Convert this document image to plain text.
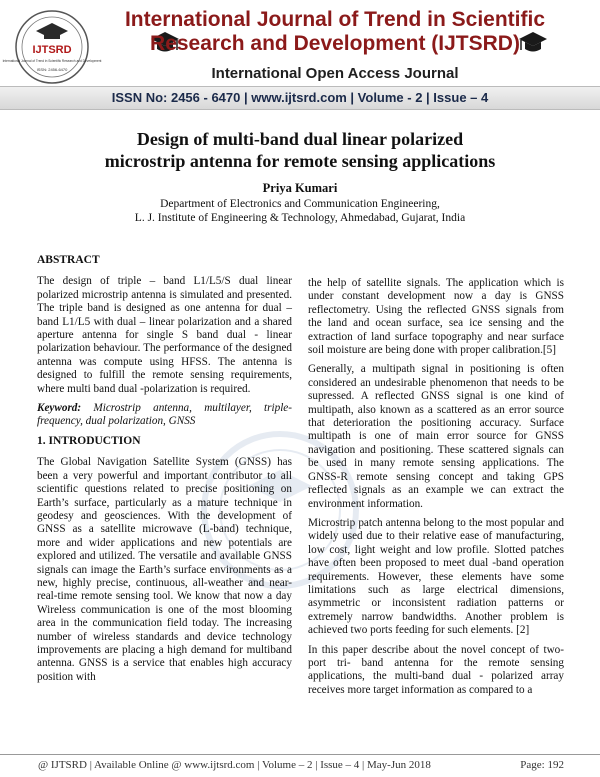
IJTSRD
International Journal of Trend in Scientific Research and Development
ISSN: 2456-6470
International Journal of Trend in Scientific
Research and Development (IJTSRD)
International Open Access Journal
ISSN No: 2456 - 6470 | www.ijtsrd.com | Volume - 2 | Issue – 4
Design of multi-band dual linear polarized
microstrip antenna for remote sensing applications
Priya Kumari
Department of Electronics and Communication Engineering,
L. J. Institute of Engineering & Technology, Ahmedabad, Gujarat, India
ABSTRACT

The design of triple – band L1/L5/S dual linear polarized microstrip antenna is simulated and presented. The triple band is designed as one antenna for dual – band L1/L5 with dual – linear polarization and a shared aperture antenna for single S band dual - linear polarization behaviour. The performance of the designed antenna was compute using HFSS. The antenna is designed to fulfill the remote sensing requirements, where multi band dual -polarization is required.

Keyword: Microstrip antenna, multilayer, triple-frequency, dual polarization, GNSS

1. INTRODUCTION

The Global Navigation Satellite System (GNSS) has been a very powerful and important contributor to all scientific questions related to precise positioning on Earth’s surface, particularly as a mature technique in geodesy and geosciences. With the development of GNSS as a satellite microwave (L-band) technique, more and wider applications and new potentials are explored and utilized. The versatile and available GNSS signals can image the Earth’s surface environments as a new, highly precise, continuous, all-weather and near-real-time remote sensing tool. We know that now a day Wireless communication is one of the most blooming area in the communication field today. The increasing number of wireless standards and device technology improvements are placing a high demand for multiband antenna. GNSS is a service that enables high accuracy position with

the help of satellite signals. The application which is under constant development now a day is GNSS reflectometry. Using the reflected GNSS signals from the land and ocean surface, sea ice sensing and the extraction of land surface topography and near surface soil moisture are being done with proper calibration.[5]

Generally, a multipath signal in positioning is often considered an undesirable phenomenon that needs to be supressed. A reflected GNSS signal is one kind of multipath, also known as a scattered as an error source that deterioration the positioning accuracy. Surface multipath is one of main error source for GNSS navigation and positioning. These scattered signals can be used in many remote sensing applications. The GNSS-R remote sensing concept and taking GPS reflected signals as an example we can extract the environment information.

Microstrip patch antenna belong to the most popular and widely used due to their relative ease of manufacturing, low cost, light weight and low profile. Slotted patches have often been proposed to meet dual -band operation requirements. However, these elements have some limitations such as large electrical dimensions, asymmetric or inconsistent radiation patterns or extremely narrow bandwidths. Another problem is achieved two ports feeding for such elements. [2]

In this paper describe about the novel concept of two-port tri- band antenna for the remote sensing applications, the multi-band dual - polarized array receives more target information as compared to a

@ IJTSRD | Available Online @ www.ijtsrd.com | Volume – 2 | Issue – 4 | May-Jun 2018	Page: 192
